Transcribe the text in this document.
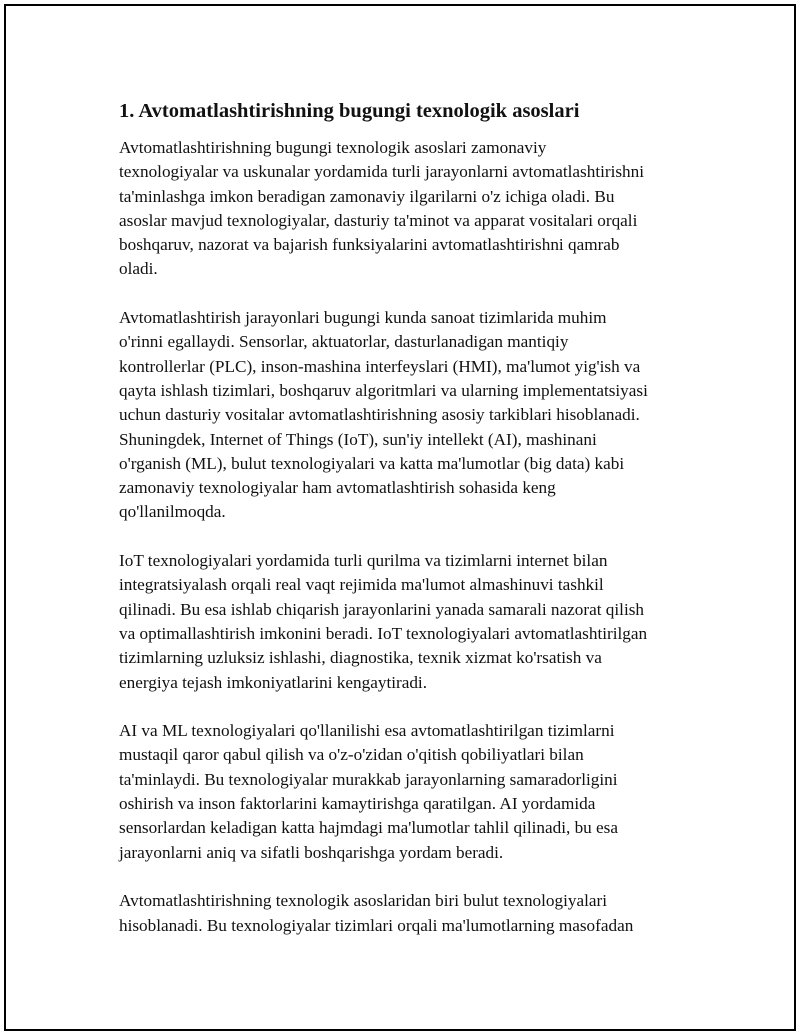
1. Avtomatlashtirishning bugungi texnologik asoslari

Avtomatlashtirishning bugungi texnologik asoslari zamonaviy
texnologiyalar va uskunalar yordamida turli jarayonlarni avtomatlashtirishni
ta'minlashga imkon beradigan zamonaviy ilgarilarni o'z ichiga oladi. Bu
asoslar mavjud texnologiyalar, dasturiy ta'minot va apparat vositalari orqali
boshqaruv, nazorat va bajarish funksiyalarini avtomatlashtirishni qamrab
oladi.

Avtomatlashtirish jarayonlari bugungi kunda sanoat tizimlarida muhim
o'rinni egallaydi. Sensorlar, aktuatorlar, dasturlanadigan mantiqiy
kontrollerlar (PLC), inson-mashina interfeyslari (HMI), ma'lumot yig'ish va
qayta ishlash tizimlari, boshqaruv algoritmlari va ularning implementatsiyasi
uchun dasturiy vositalar avtomatlashtirishning asosiy tarkiblari hisoblanadi.
Shuningdek, Internet of Things (IoT), sun'iy intellekt (AI), mashinani
o'rganish (ML), bulut texnologiyalari va katta ma'lumotlar (big data) kabi
zamonaviy texnologiyalar ham avtomatlashtirish sohasida keng
qo'llanilmoqda.

IoT texnologiyalari yordamida turli qurilma va tizimlarni internet bilan
integratsiyalash orqali real vaqt rejimida ma'lumot almashinuvi tashkil
qilinadi. Bu esa ishlab chiqarish jarayonlarini yanada samarali nazorat qilish
va optimallashtirish imkonini beradi. IoT texnologiyalari avtomatlashtirilgan
tizimlarning uzluksiz ishlashi, diagnostika, texnik xizmat ko'rsatish va
energiya tejash imkoniyatlarini kengaytiradi.

AI va ML texnologiyalari qo'llanilishi esa avtomatlashtirilgan tizimlarni
mustaqil qaror qabul qilish va o'z-o'zidan o'qitish qobiliyatlari bilan
ta'minlaydi. Bu texnologiyalar murakkab jarayonlarning samaradorligini
oshirish va inson faktorlarini kamaytirishga qaratilgan. AI yordamida
sensorlardan keladigan katta hajmdagi ma'lumotlar tahlil qilinadi, bu esa
jarayonlarni aniq va sifatli boshqarishga yordam beradi.

Avtomatlashtirishning texnologik asoslaridan biri bulut texnologiyalari
hisoblanadi. Bu texnologiyalar tizimlari orqali ma'lumotlarning masofadan
